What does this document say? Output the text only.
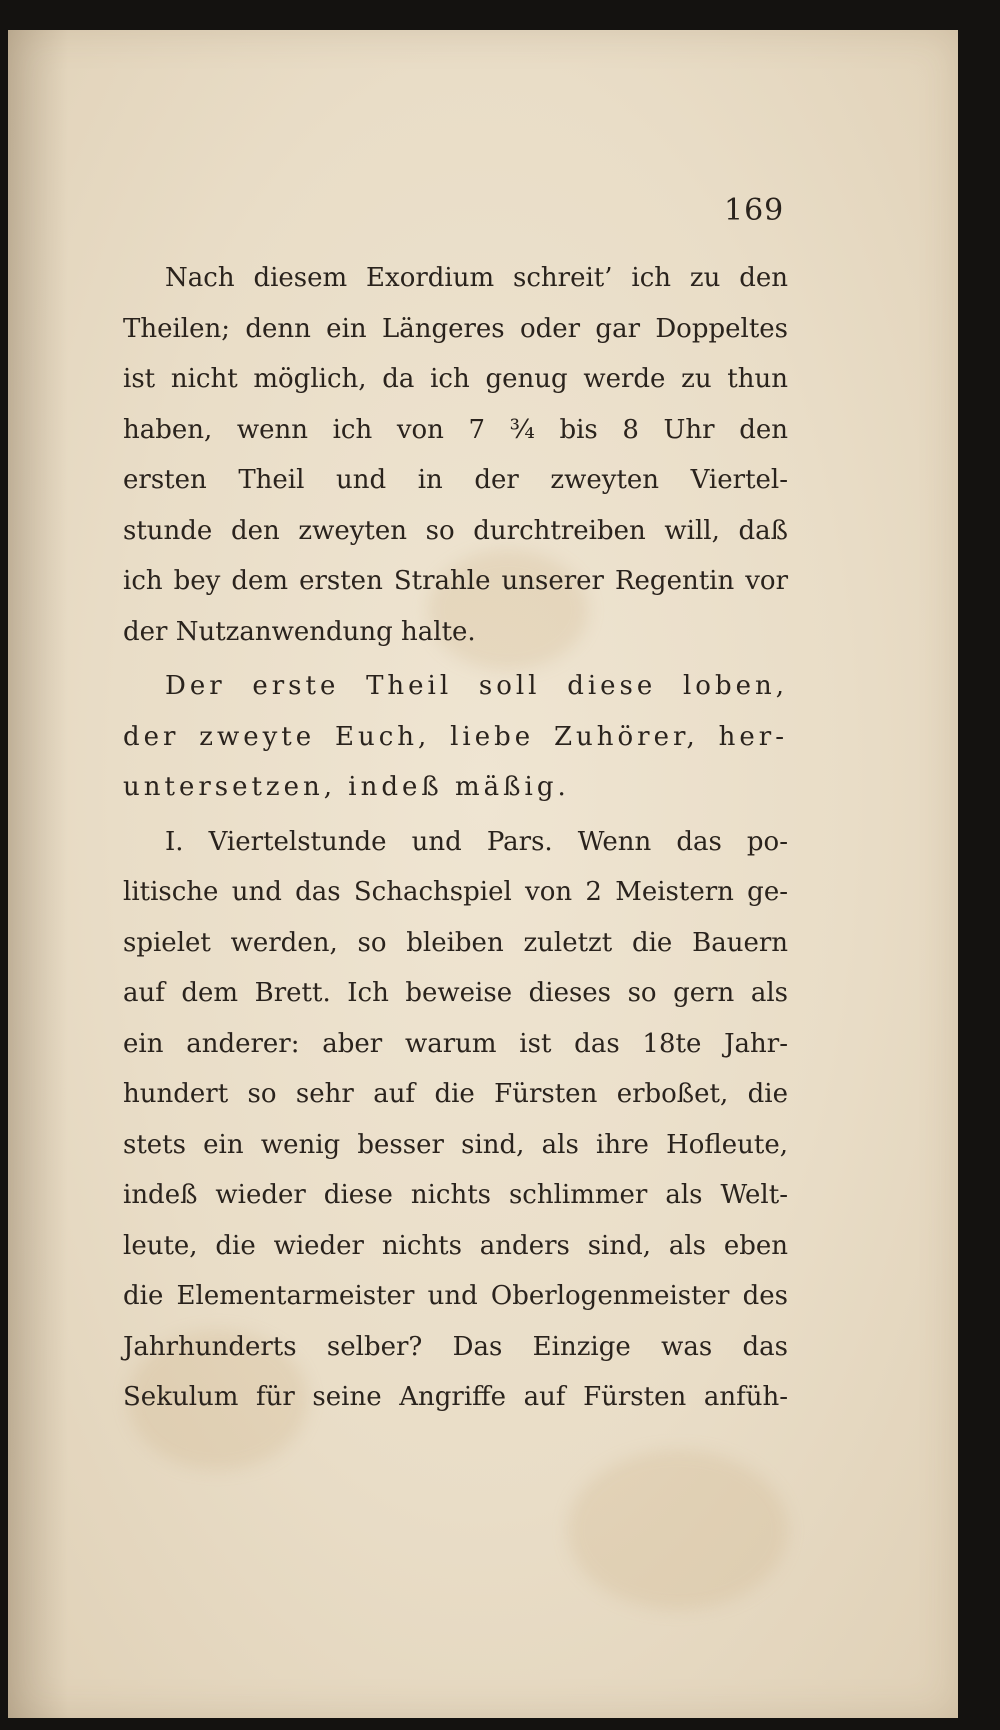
169
Nach diesem Exordium schreit’ ich zu den
Theilen; denn ein Längeres oder gar Doppeltes
ist nicht möglich, da ich genug werde zu thun
haben, wenn ich von 7 ¾ bis 8 Uhr den
ersten Theil und in der zweyten Viertel-
stunde den zweyten so durchtreiben will, daß
ich bey dem ersten Strahle unserer Regentin vor
der Nutzanwendung halte.
Der erste Theil soll diese loben,
der zweyte Euch, liebe Zuhörer, her-
untersetzen, indeß mäßig.
I. Viertelstunde und Pars. Wenn das po-
litische und das Schachspiel von 2 Meistern ge-
spielet werden, so bleiben zuletzt die Bauern
auf dem Brett. Ich beweise dieses so gern als
ein anderer: aber warum ist das 18te Jahr-
hundert so sehr auf die Fürsten erboßet, die
stets ein wenig besser sind, als ihre Hofleute,
indeß wieder diese nichts schlimmer als Welt-
leute, die wieder nichts anders sind, als eben
die Elementarmeister und Oberlogenmeister des
Jahrhunderts selber? Das Einzige was das
Sekulum für seine Angriffe auf Fürsten anfüh-
